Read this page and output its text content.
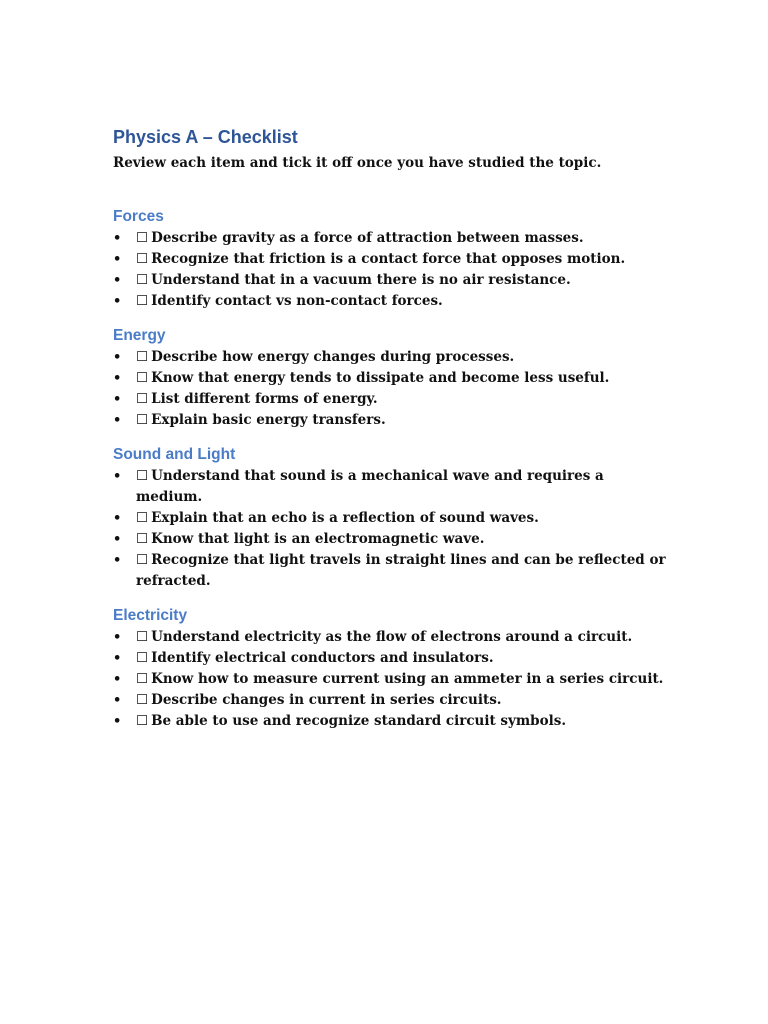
Physics A – Checklist

Review each item and tick it off once you have studied the topic.

Forces
• ☐ Describe gravity as a force of attraction between masses.
• ☐ Recognize that friction is a contact force that opposes motion.
• ☐ Understand that in a vacuum there is no air resistance.
• ☐ Identify contact vs non-contact forces.
Energy
• ☐ Describe how energy changes during processes.
• ☐ Know that energy tends to dissipate and become less useful.
• ☐ List different forms of energy.
• ☐ Explain basic energy transfers.
Sound and Light
• ☐ Understand that sound is a mechanical wave and requires a medium.
• ☐ Explain that an echo is a reflection of sound waves.
• ☐ Know that light is an electromagnetic wave.
• ☐ Recognize that light travels in straight lines and can be reflected or refracted.
Electricity
• ☐ Understand electricity as the flow of electrons around a circuit.
• ☐ Identify electrical conductors and insulators.
• ☐ Know how to measure current using an ammeter in a series circuit.
• ☐ Describe changes in current in series circuits.
• ☐ Be able to use and recognize standard circuit symbols.
